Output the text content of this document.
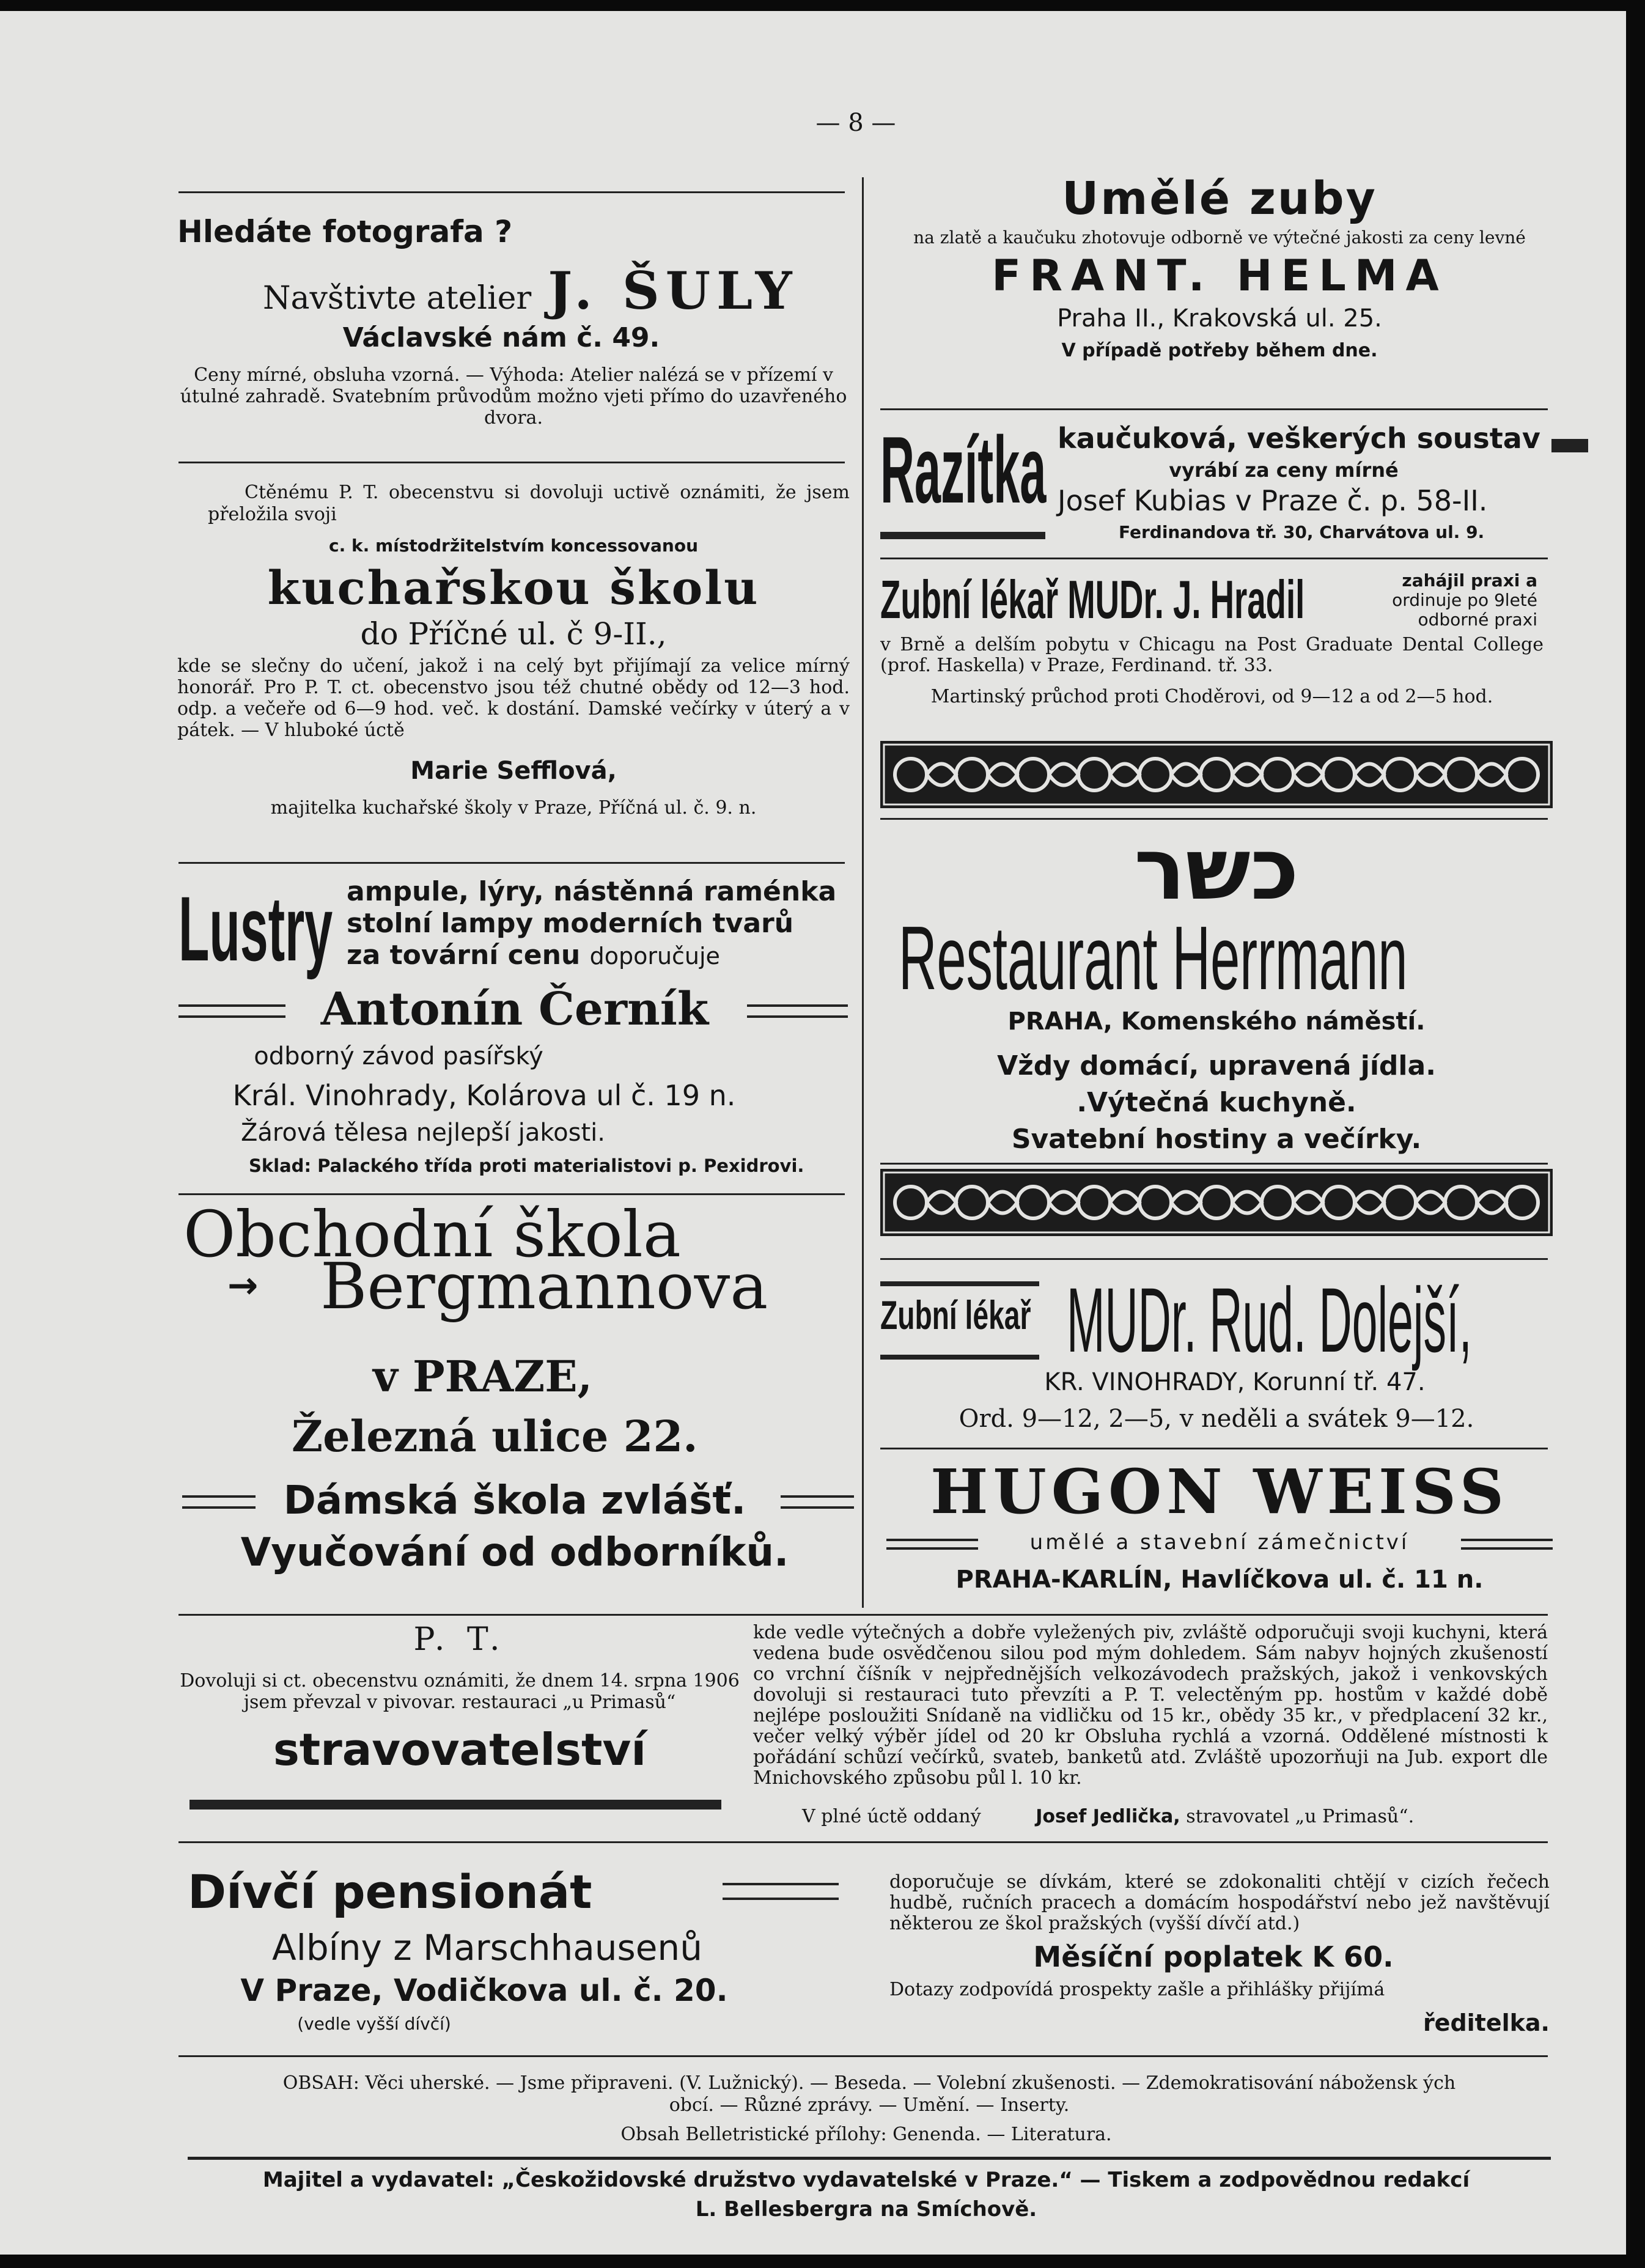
— 8 —
Hledáte fotografa ?
Navštivte atelier J. ŠULY
Václavské nám č. 49.
Ceny mírné, obsluha vzorná. — Výhoda: Atelier nalézá se v přízemí v útulné zahradě. Svatebním průvodům možno vjeti přímo do uzavřeného dvora.
Ctěnému P. T. obecenstvu si dovoluji uctivě oznámiti, že jsem přeložila svoji
c. k. místodržitelstvím koncessovanou
kuchařskou školu
do Příčné ul. č 9-II.,
kde se slečny do učení, jakož i na celý byt přijímají za velice mírný honorář. Pro P. T. ct. obecenstvo jsou též chutné obědy od 12—3 hod. odp. a večeře od 6—9 hod. več. k dostání. Damské večírky v úterý a v pátek. — V hluboké úctě
Marie Sefflová,
majitelka kuchařské školy v Praze, Příčná ul. č. 9. n.
Lustry ampule, lýry, nástěnná raménka
stolní lampy moderních tvarů
za tovární cenu doporučuje
Antonín Černík
odborný závod pasířský
Král. Vinohrady, Kolárova ul č. 19 n.
Žárová tělesa nejlepší jakosti.
Sklad: Palackého třída proti materialistovi p. Pexidrovi.
Obchodní škola
→ Bergmannova
v PRAZE,
Železná ulice 22.
Dámská škola zvlášť.
Vyučování od odborníků.
Umělé zuby
na zlatě a kaučuku zhotovuje odborně ve výtečné jakosti za ceny levné
FRANT. HELMA
Praha II., Krakovská ul. 25.
V případě potřeby během dne.
Razítka kaučuková, veškerých soustav
vyrábí za ceny mírné
Josef Kubias v Praze č. p. 58-II.
Ferdinandova tř. 30, Charvátova ul. 9.
Zubní lékař MUDr. J. Hradil	zahájil praxi a
ordinuje po 9leté
odborné praxi
v Brně a delším pobytu v Chicagu na Post Graduate Dental College (prof. Haskella) v Praze, Ferdinand. tř. 33.
Martinský průchod proti Choděrovi, od 9—12 a od 2—5 hod.
כשר
Restaurant Herrmann
PRAHA, Komenského náměstí.
Vždy domácí, upravená jídla.
.Výtečná kuchyně.
Svatební hostiny a večírky.
Zubní lékař MUDr. Rud. Dolejší,
KR. VINOHRADY, Korunní tř. 47.
Ord. 9—12, 2—5, v neděli a svátek 9—12.
HUGON WEISS
umělé a stavební zámečnictví
PRAHA-KARLÍN, Havlíčkova ul. č. 11 n.
P. T.
Dovoluji si ct. obecenstvu oznámiti, že dnem 14. srpna 1906 jsem převzal v pivovar. restauraci „u Primasů“
stravovatelství
kde vedle výtečných a dobře vyležených piv, zvláště odporučuji svoji kuchyni, která vedena bude osvědčenou silou pod mým dohledem. Sám nabyv hojných zkušeností co vrchní číšník v nejpřednějších velkozávodech pražských, jakož i venkovských dovoluji si restauraci tuto převzíti a P. T. velectěným pp. hostům v každé době nejlépe posloužiti Snídaně na vidličku od 15 kr., obědy 35 kr., v předplacení 32 kr., večer velký výběr jídel od 20 kr Obsluha rychlá a vzorná. Oddělené místnosti k pořádání schůzí večírků, svateb, banketů atd. Zvláště upozorňuji na Jub. export dle Mnichovského způsobu půl l. 10 kr.
V plné úctě oddaný	Josef Jedlička, stravovatel „u Primasů“.
Dívčí pensionát
Albíny z Marschhausenů
V Praze, Vodičkova ul. č. 20.
(vedle vyšší dívčí)
doporučuje se dívkám, které se zdokonaliti chtějí v cizích řečech hudbě, ručních pracech a domácím hospodářství nebo jež navštěvují některou ze škol pražských (vyšší dívčí atd.)
Měsíční poplatek K 60.
Dotazy zodpovídá prospekty zašle a přihlášky přijímá
ředitelka.
OBSAH: Věci uherské. — Jsme připraveni. (V. Lužnický). — Beseda. — Volební zkušenosti. — Zdemokratisování nábožensk ých obcí. — Různé zprávy. — Umění. — Inserty.
Obsah Belletristické přílohy: Genenda. — Literatura.
Majitel a vydavatel: „Českožidovské družstvo vydavatelské v Praze.“ — Tiskem a zodpovědnou redakcí
L. Bellesbergra na Smíchově.
